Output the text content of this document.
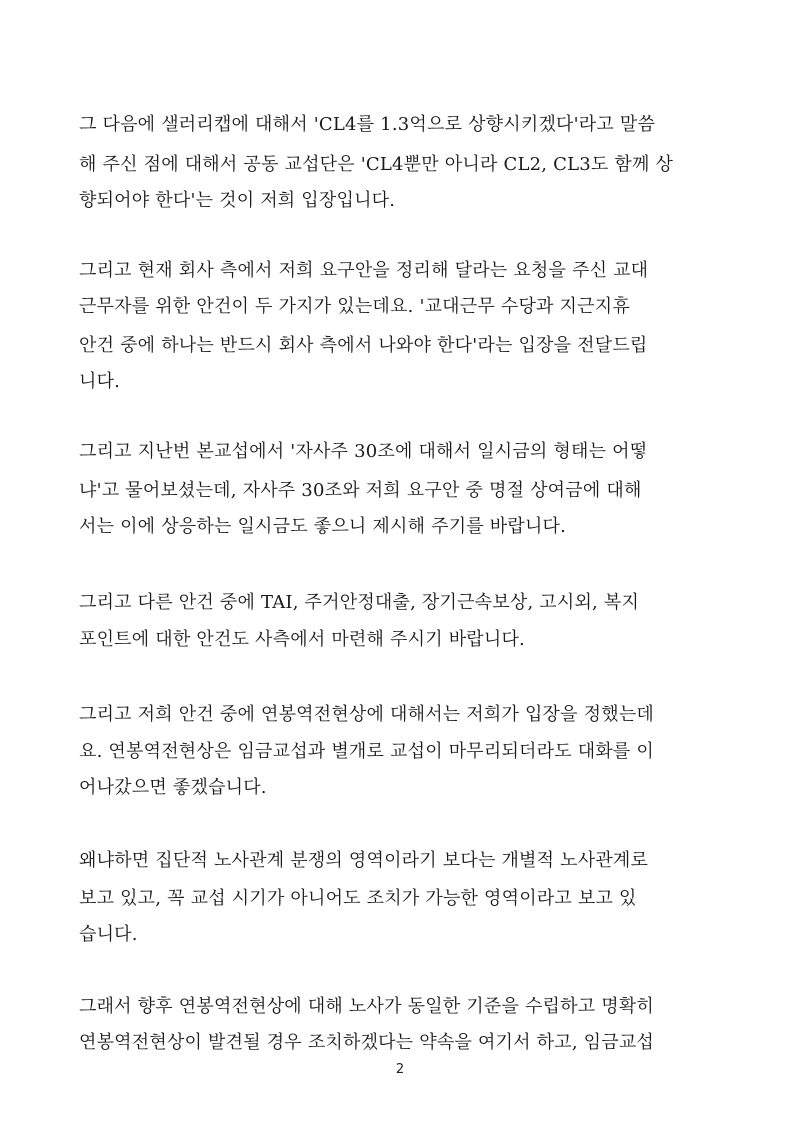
그 다음에 샐러리캡에 대해서 'CL4를 1.3억으로 상향시키겠다'라고 말씀
해 주신 점에 대해서 공동 교섭단은 'CL4뿐만 아니라 CL2, CL3도 함께 상
향되어야 한다'는 것이 저희 입장입니다.
그리고 현재 회사 측에서 저희 요구안을 정리해 달라는 요청을 주신 교대
근무자를 위한 안건이 두 가지가 있는데요. '교대근무 수당과 지근지휴
안건 중에 하나는 반드시 회사 측에서 나와야 한다'라는 입장을 전달드립
니다.
그리고 지난번 본교섭에서 '자사주 30조에 대해서 일시금의 형태는 어떻
냐'고 물어보셨는데, 자사주 30조와 저희 요구안 중 명절 상여금에 대해
서는 이에 상응하는 일시금도 좋으니 제시해 주기를 바랍니다.
그리고 다른 안건 중에 TAI, 주거안정대출, 장기근속보상, 고시외, 복지
포인트에 대한 안건도 사측에서 마련해 주시기 바랍니다.
그리고 저희 안건 중에 연봉역전현상에 대해서는 저희가 입장을 정했는데
요. 연봉역전현상은 임금교섭과 별개로 교섭이 마무리되더라도 대화를 이
어나갔으면 좋겠습니다.
왜냐하면 집단적 노사관계 분쟁의 영역이라기 보다는 개별적 노사관계로
보고 있고, 꼭 교섭 시기가 아니어도 조치가 가능한 영역이라고 보고 있
습니다.
그래서 향후 연봉역전현상에 대해 노사가 동일한 기준을 수립하고 명확히
연봉역전현상이 발견될 경우 조치하겠다는 약속을 여기서 하고, 임금교섭
2
